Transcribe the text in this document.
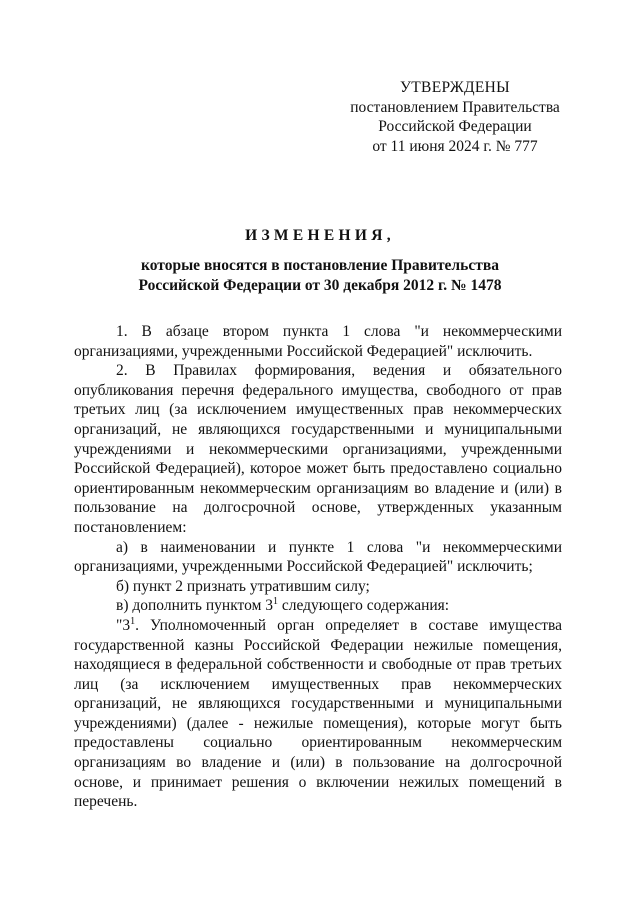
УТВЕРЖДЕНЫ
постановлением Правительства
Российской Федерации
от 11 июня 2024 г. № 777
ИЗМЕНЕНИЯ,
которые вносятся в постановление Правительства
Российской Федерации от 30 декабря 2012 г. № 1478

1. В абзаце втором пункта 1 слова "и некоммерческими организациями, учрежденными Российской Федерацией" исключить.

2. В Правилах формирования, ведения и обязательного опубликования перечня федерального имущества, свободного от прав третьих лиц (за исключением имущественных прав некоммерческих организаций, не являющихся государственными и муниципальными учреждениями и некоммерческими организациями, учрежденными Российской Федерацией), которое может быть предоставлено социально ориентированным некоммерческим организациям во владение и (или) в пользование на долгосрочной основе, утвержденных указанным постановлением:

а) в наименовании и пункте 1 слова "и некоммерческими организациями, учрежденными Российской Федерацией" исключить;

б) пункт 2 признать утратившим силу;

в) дополнить пунктом $3^1$ следующего содержания:

"$3^1$. Уполномоченный орган определяет в составе имущества государственной казны Российской Федерации нежилые помещения, находящиеся в федеральной собственности и свободные от прав третьих лиц (за исключением имущественных прав некоммерческих организаций, не являющихся государственными и муниципальными учреждениями) (далее - нежилые помещения), которые могут быть предоставлены социально ориентированным некоммерческим организациям во владение и (или) в пользование на долгосрочной основе, и принимает решения о включении нежилых помещений в перечень.
